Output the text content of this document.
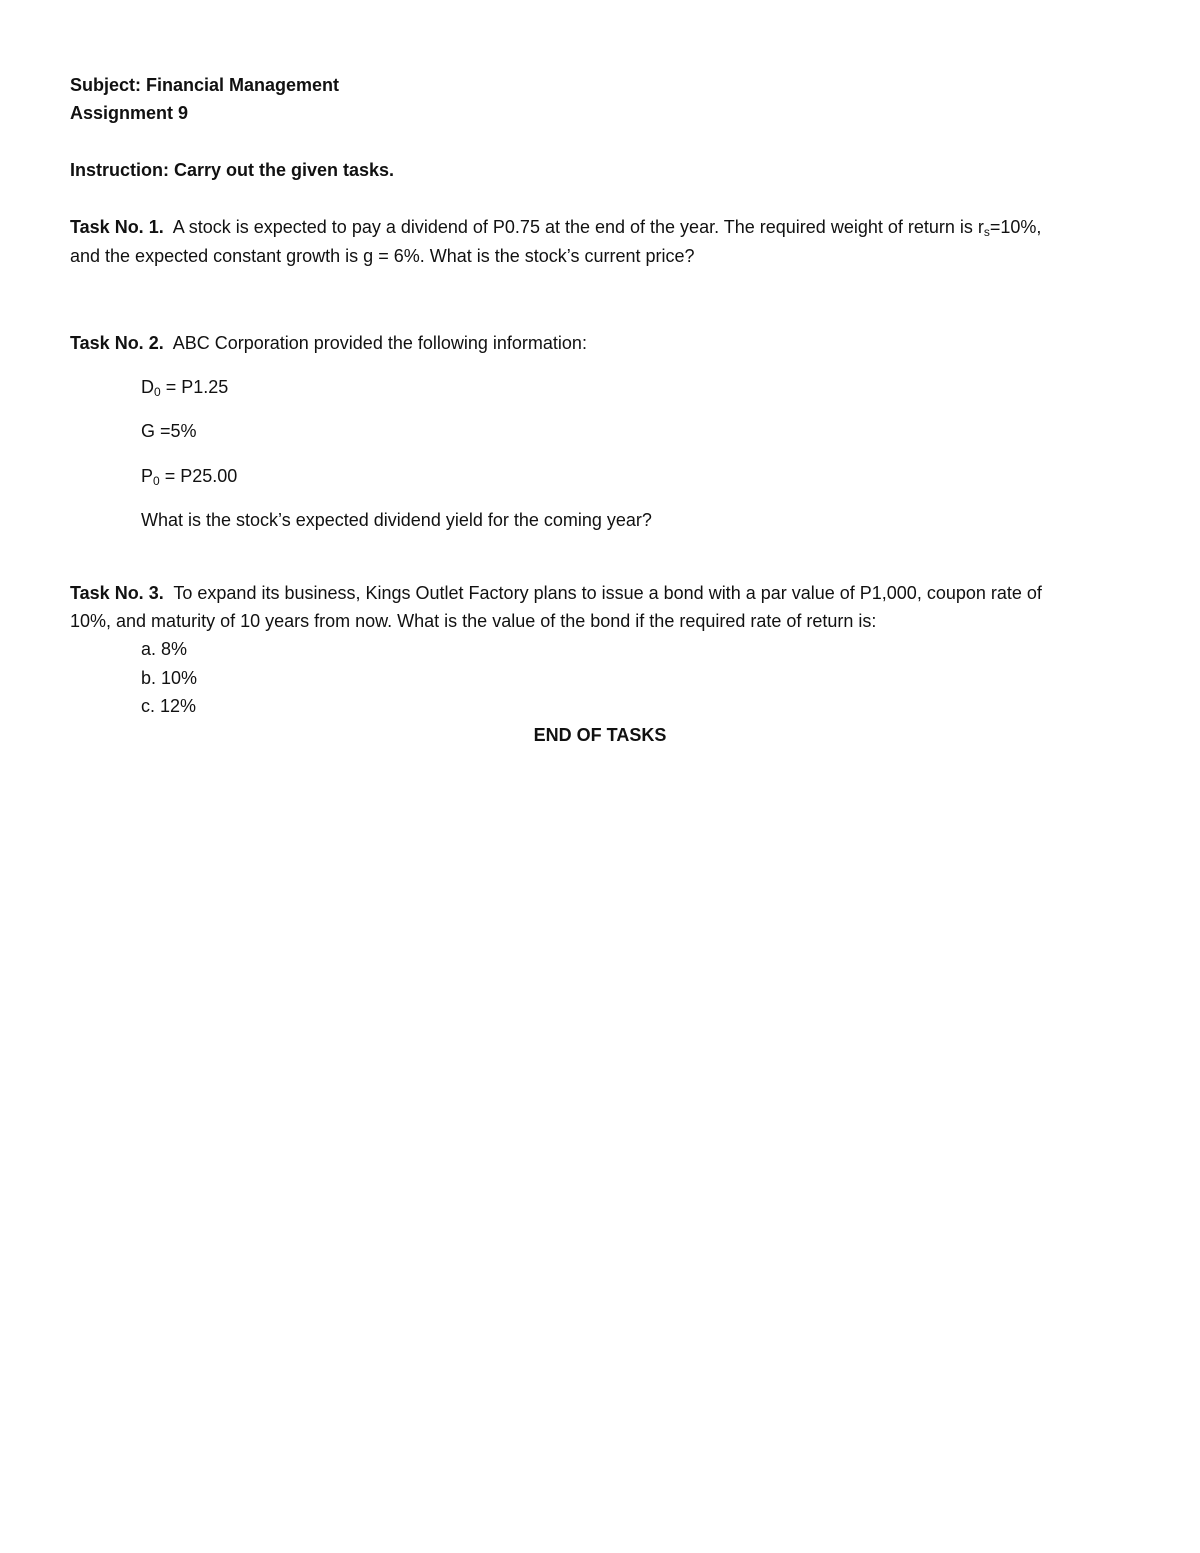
Subject: Financial Management
Assignment 9
Instruction: Carry out the given tasks.
Task No. 1. A stock is expected to pay a dividend of P0.75 at the end of the year. The required weight of return is $r_s=10\%$,
and the expected constant growth is g = 6%. What is the stock’s current price?
Task No. 2. ABC Corporation provided the following information:
$D_0 = P1.25$
G =5%
$P_0 = P25.00$
What is the stock’s expected dividend yield for the coming year?
Task No. 3. To expand its business, Kings Outlet Factory plans to issue a bond with a par value of P1,000, coupon rate of
10%, and maturity of 10 years from now. What is the value of the bond if the required rate of return is:
a. 8%
b. 10%
c. 12%
END OF TASKS
